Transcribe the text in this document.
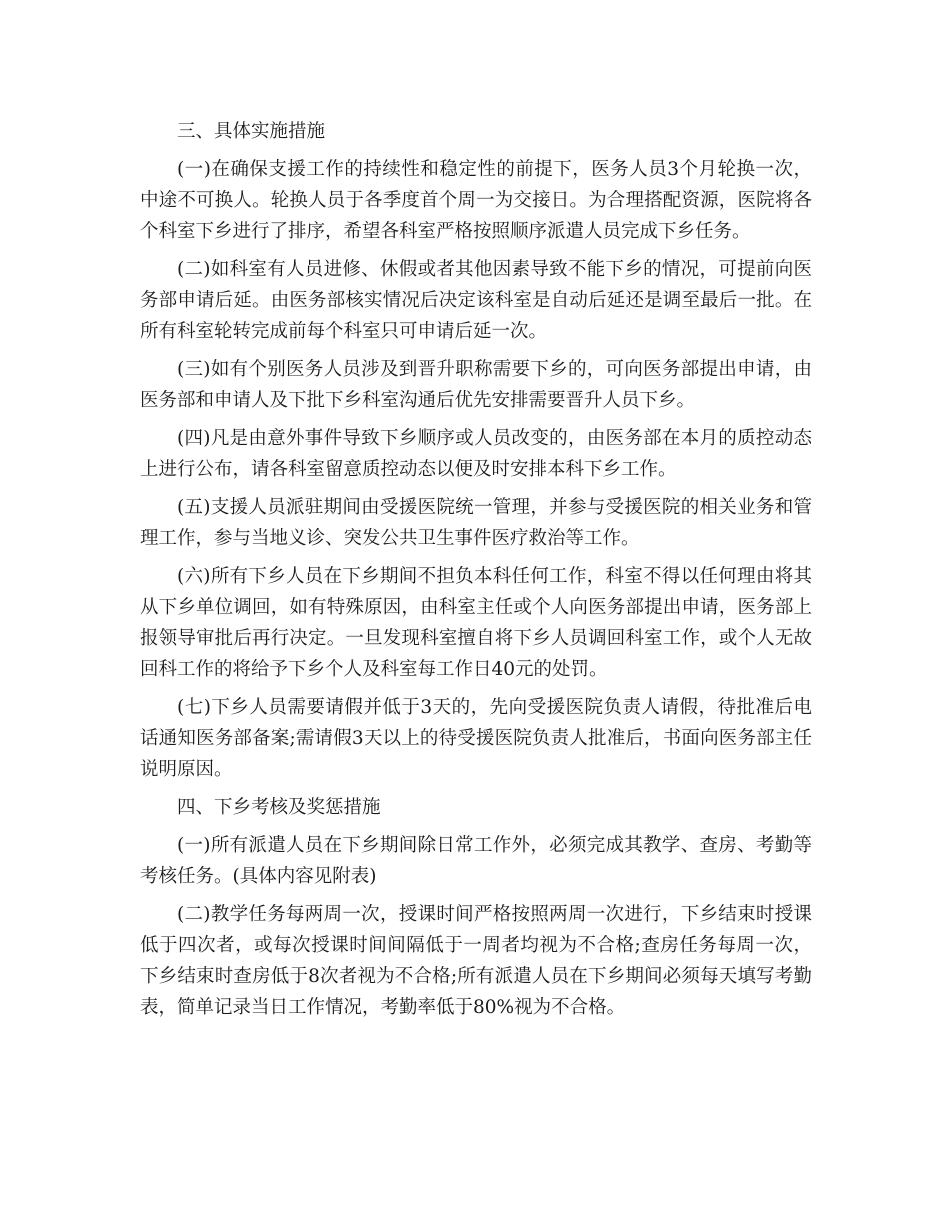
三、具体实施措施

(一)在确保支援工作的持续性和稳定性的前提下，医务人员3个月轮换一次，中途不可换人。轮换人员于各季度首个周一为交接日。为合理搭配资源，医院将各个科室下乡进行了排序，希望各科室严格按照顺序派遣人员完成下乡任务。

(二)如科室有人员进修、休假或者其他因素导致不能下乡的情况，可提前向医务部申请后延。由医务部核实情况后决定该科室是自动后延还是调至最后一批。在所有科室轮转完成前每个科室只可申请后延一次。

(三)如有个别医务人员涉及到晋升职称需要下乡的，可向医务部提出申请，由医务部和申请人及下批下乡科室沟通后优先安排需要晋升人员下乡。

(四)凡是由意外事件导致下乡顺序或人员改变的，由医务部在本月的质控动态上进行公布，请各科室留意质控动态以便及时安排本科下乡工作。

(五)支援人员派驻期间由受援医院统一管理，并参与受援医院的相关业务和管理工作，参与当地义诊、突发公共卫生事件医疗救治等工作。

(六)所有下乡人员在下乡期间不担负本科任何工作，科室不得以任何理由将其从下乡单位调回，如有特殊原因，由科室主任或个人向医务部提出申请，医务部上报领导审批后再行决定。一旦发现科室擅自将下乡人员调回科室工作，或个人无故回科工作的将给予下乡个人及科室每工作日40元的处罚。

(七)下乡人员需要请假并低于3天的，先向受援医院负责人请假，待批准后电话通知医务部备案;需请假3天以上的待受援医院负责人批准后，书面向医务部主任说明原因。

四、下乡考核及奖惩措施

(一)所有派遣人员在下乡期间除日常工作外，必须完成其教学、查房、考勤等考核任务。(具体内容见附表)

(二)教学任务每两周一次，授课时间严格按照两周一次进行，下乡结束时授课低于四次者，或每次授课时间间隔低于一周者均视为不合格;查房任务每周一次，下乡结束时查房低于8次者视为不合格;所有派遣人员在下乡期间必须每天填写考勤表，简单记录当日工作情况，考勤率低于80%视为不合格。
